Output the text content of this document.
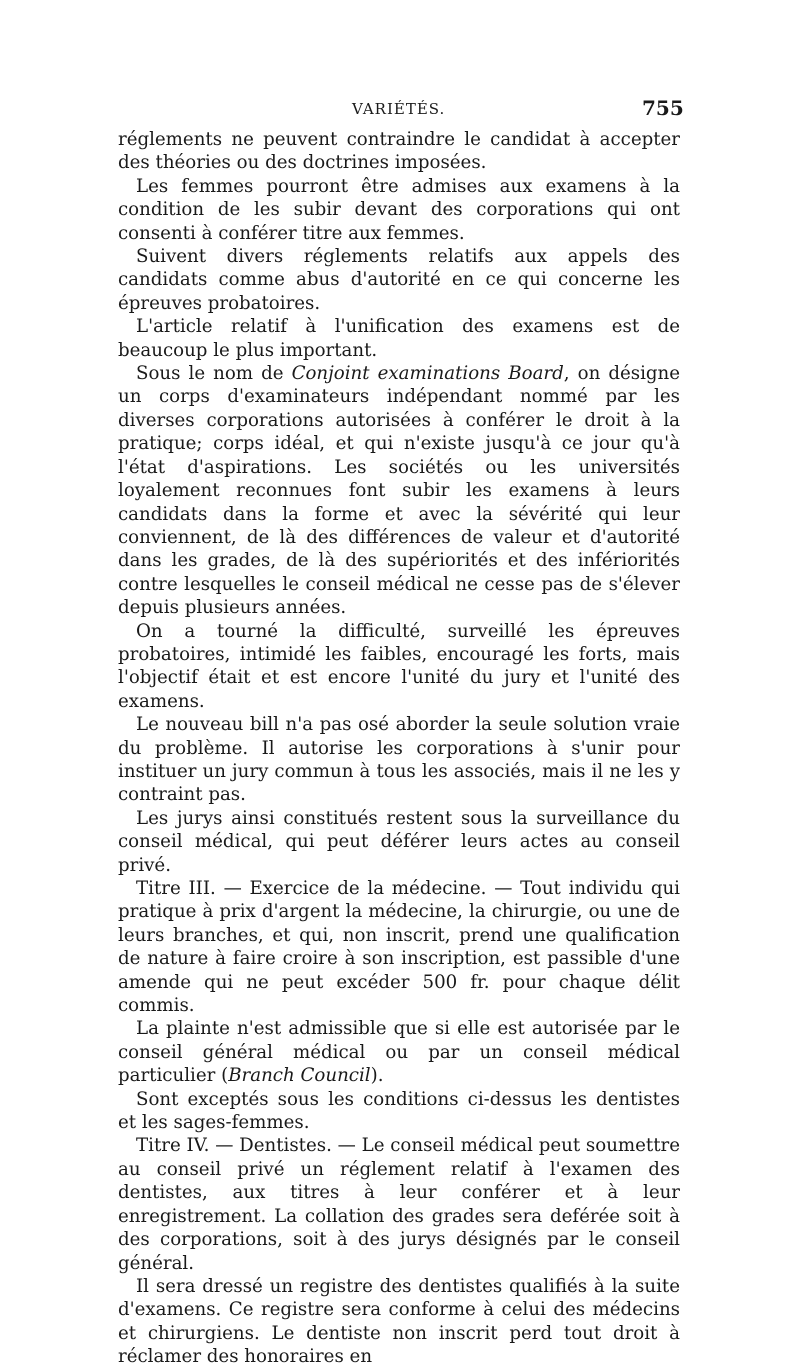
VARIÉTÉS.	755

réglements ne peuvent contraindre le candidat à accepter des théories ou des doctrines imposées.

Les femmes pourront être admises aux examens à la condition de les subir devant des corporations qui ont consenti à conférer titre aux femmes.

Suivent divers réglements relatifs aux appels des candidats comme abus d'autorité en ce qui concerne les épreuves probatoires.

L'article relatif à l'unification des examens est de beaucoup le plus important.

Sous le nom de Conjoint examinations Board, on désigne un corps d'examinateurs indépendant nommé par les diverses corporations autorisées à conférer le droit à la pratique; corps idéal, et qui n'existe jusqu'à ce jour qu'à l'état d'aspirations. Les sociétés ou les universités loyalement reconnues font subir les examens à leurs candidats dans la forme et avec la sévérité qui leur conviennent, de là des différences de valeur et d'autorité dans les grades, de là des supériorités et des infériorités contre lesquelles le conseil médical ne cesse pas de s'élever depuis plusieurs années.

On a tourné la difficulté, surveillé les épreuves probatoires, intimidé les faibles, encouragé les forts, mais l'objectif était et est encore l'unité du jury et l'unité des examens.

Le nouveau bill n'a pas osé aborder la seule solution vraie du problème. Il autorise les corporations à s'unir pour instituer un jury commun à tous les associés, mais il ne les y contraint pas.

Les jurys ainsi constitués restent sous la surveillance du conseil médical, qui peut déférer leurs actes au conseil privé.

Titre III. — Exercice de la médecine. — Tout individu qui pratique à prix d'argent la médecine, la chirurgie, ou une de leurs branches, et qui, non inscrit, prend une qualification de nature à faire croire à son inscription, est passible d'une amende qui ne peut excéder 500 fr. pour chaque délit commis.

La plainte n'est admissible que si elle est autorisée par le conseil général médical ou par un conseil médical particulier (Branch Council).

Sont exceptés sous les conditions ci-dessus les dentistes et les sages-femmes.

Titre IV. — Dentistes. — Le conseil médical peut soumettre au conseil privé un réglement relatif à l'examen des dentistes, aux titres à leur conférer et à leur enregistrement. La collation des grades sera deférée soit à des corporations, soit à des jurys désignés par le conseil général.

Il sera dressé un registre des dentistes qualifiés à la suite d'examens. Ce registre sera conforme à celui des médecins et chirurgiens. Le dentiste non inscrit perd tout droit à réclamer des honoraires en
